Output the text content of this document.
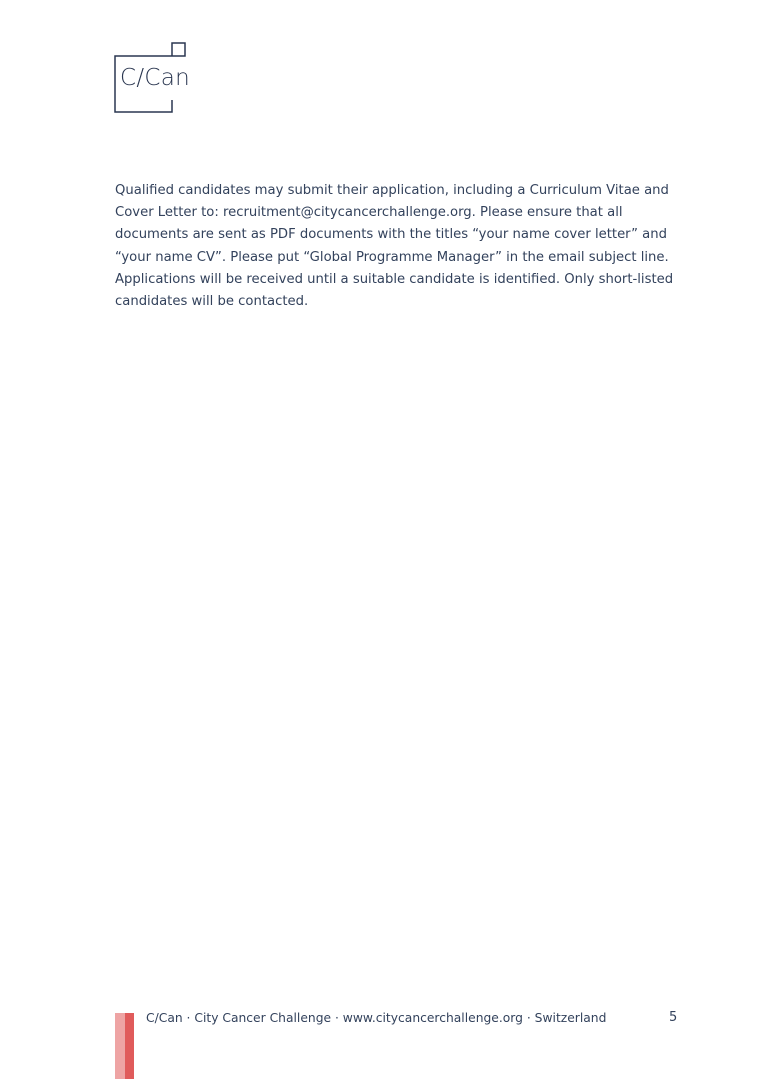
C/Can

Qualified candidates may submit their application, including a Curriculum Vitae and Cover Letter to: recruitment@citycancerchallenge.org. Please ensure that all documents are sent as PDF documents with the titles “your name cover letter” and “your name CV”. Please put “Global Programme Manager” in the email subject line. Applications will be received until a suitable candidate is identified. Only short-listed candidates will be contacted.

C/Can · City Cancer Challenge · www.citycancerchallenge.org · Switzerland	5
